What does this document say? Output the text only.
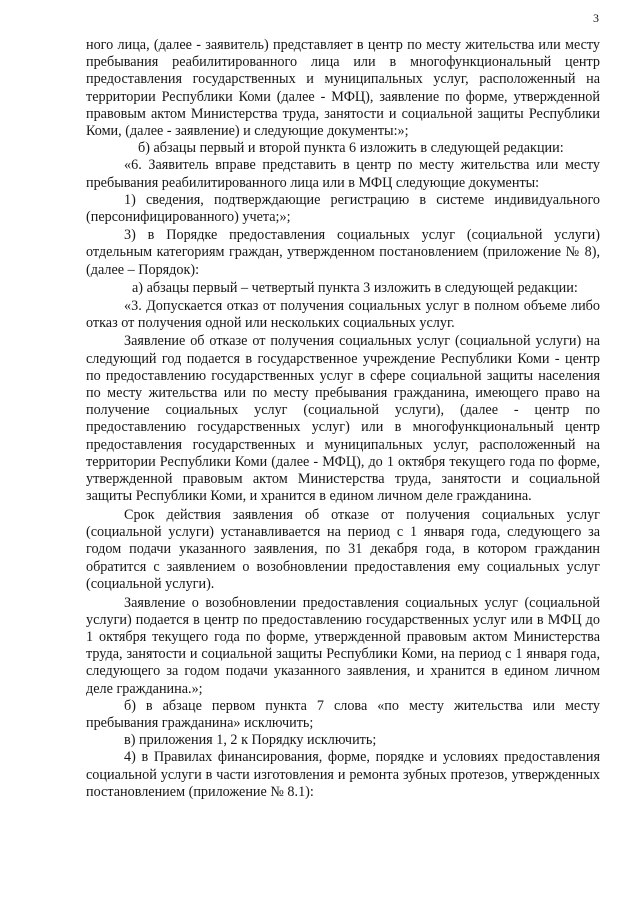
3

ного лица, (далее - заявитель) представляет в центр по месту жительства или месту пребывания реабилитированного лица или в многофункциональный центр предоставления государственных и муниципальных услуг, расположенный на территории Республики Коми (далее - МФЦ), заявление по форме, утвержденной правовым актом Министерства труда, занятости и социальной защиты Республики Коми, (далее - заявление) и следующие документы:»;

б) абзацы первый и второй пункта 6 изложить в следующей редакции:

«6. Заявитель вправе представить в центр по месту жительства или месту пребывания реабилитированного лица или в МФЦ следующие документы:

1) сведения, подтверждающие регистрацию в системе индивидуального (персонифицированного) учета;»;

3) в Порядке предоставления социальных услуг (социальной услуги) отдельным категориям граждан, утвержденном постановлением (приложение № 8), (далее – Порядок):

а) абзацы первый – четвертый пункта 3 изложить в следующей редакции:

«3. Допускается отказ от получения социальных услуг в полном объеме либо отказ от получения одной или нескольких социальных услуг.

Заявление об отказе от получения социальных услуг (социальной услуги) на следующий год подается в государственное учреждение Республики Коми - центр по предоставлению государственных услуг в сфере социальной защиты населения по месту жительства или по месту пребывания гражданина, имеющего право на получение социальных услуг (социальной услуги), (далее - центр по предоставлению государственных услуг) или в многофункциональный центр предоставления государственных и муниципальных услуг, расположенный на территории Республики Коми (далее - МФЦ), до 1 октября текущего года по форме, утвержденной правовым актом Министерства труда, занятости и социальной защиты Республики Коми, и хранится в едином личном деле гражданина.

Срок действия заявления об отказе от получения социальных услуг (социальной услуги) устанавливается на период с 1 января года, следующего за годом подачи указанного заявления, по 31 декабря года, в котором гражданин обратится с заявлением о возобновлении предоставления ему социальных услуг (социальной услуги).

Заявление о возобновлении предоставления социальных услуг (социальной услуги) подается в центр по предоставлению государственных услуг или в МФЦ до 1 октября текущего года по форме, утвержденной правовым актом Министерства труда, занятости и социальной защиты Республики Коми, на период с 1 января года, следующего за годом подачи указанного заявления, и хранится в едином личном деле гражданина.»;

б) в абзаце первом пункта 7 слова «по месту жительства или месту пребывания гражданина» исключить;

в) приложения 1, 2 к Порядку исключить;

4) в Правилах финансирования, форме, порядке и условиях предоставления социальной услуги в части изготовления и ремонта зубных протезов, утвержденных постановлением (приложение № 8.1):
